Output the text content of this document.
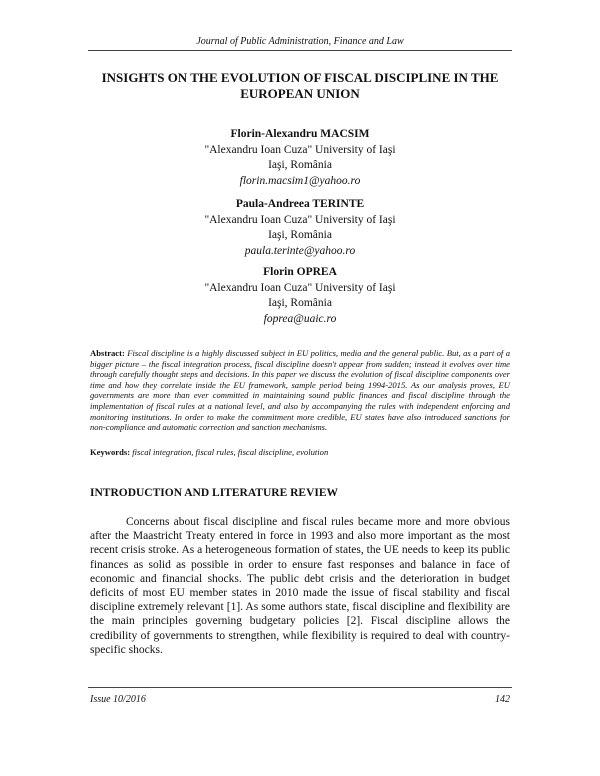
Journal of Public Administration, Finance and Law
INSIGHTS ON THE EVOLUTION OF FISCAL DISCIPLINE IN THE
EUROPEAN UNION
Florin-Alexandru MACSIM
"Alexandru Ioan Cuza" University of Iaşi
Iaşi, România
florin.macsim1@yahoo.ro
Paula-Andreea TERINTE
"Alexandru Ioan Cuza" University of Iaşi
Iaşi, România
paula.terinte@yahoo.ro
Florin OPREA
"Alexandru Ioan Cuza" University of Iaşi
Iaşi, România
foprea@uaic.ro
Abstract: Fiscal discipline is a highly discussed subject in EU politics, media and the general public. But, as a part of a bigger picture – the fiscal integration process, fiscal discipline doesn't appear from sudden; instead it evolves over time through carefully thought steps and decisions. In this paper we discuss the evolution of fiscal discipline components over time and how they correlate inside the EU framework, sample period being 1994-2015. As our analysis proves, EU governments are more than ever committed in maintaining sound public finances and fiscal discipline through the implementation of fiscal rules at a national level, and also by accompanying the rules with independent enforcing and monitoring institutions. In order to make the commitment more credible, EU states have also introduced sanctions for non-compliance and automatic correction and sanction mechanisms.
Keywords: fiscal integration, fiscal rules, fiscal discipline, evolution
INTRODUCTION AND LITERATURE REVIEW

Concerns about fiscal discipline and fiscal rules became more and more obvious after the Maastricht Treaty entered in force in 1993 and also more important as the most recent crisis stroke. As a heterogeneous formation of states, the UE needs to keep its public finances as solid as possible in order to ensure fast responses and balance in face of economic and financial shocks. The public debt crisis and the deterioration in budget deficits of most EU member states in 2010 made the issue of fiscal stability and fiscal discipline extremely relevant [1]. As some authors state, fiscal discipline and flexibility are the main principles governing budgetary policies [2]. Fiscal discipline allows the credibility of governments to strengthen, while flexibility is required to deal with country-specific shocks.

Issue 10/2016	142
